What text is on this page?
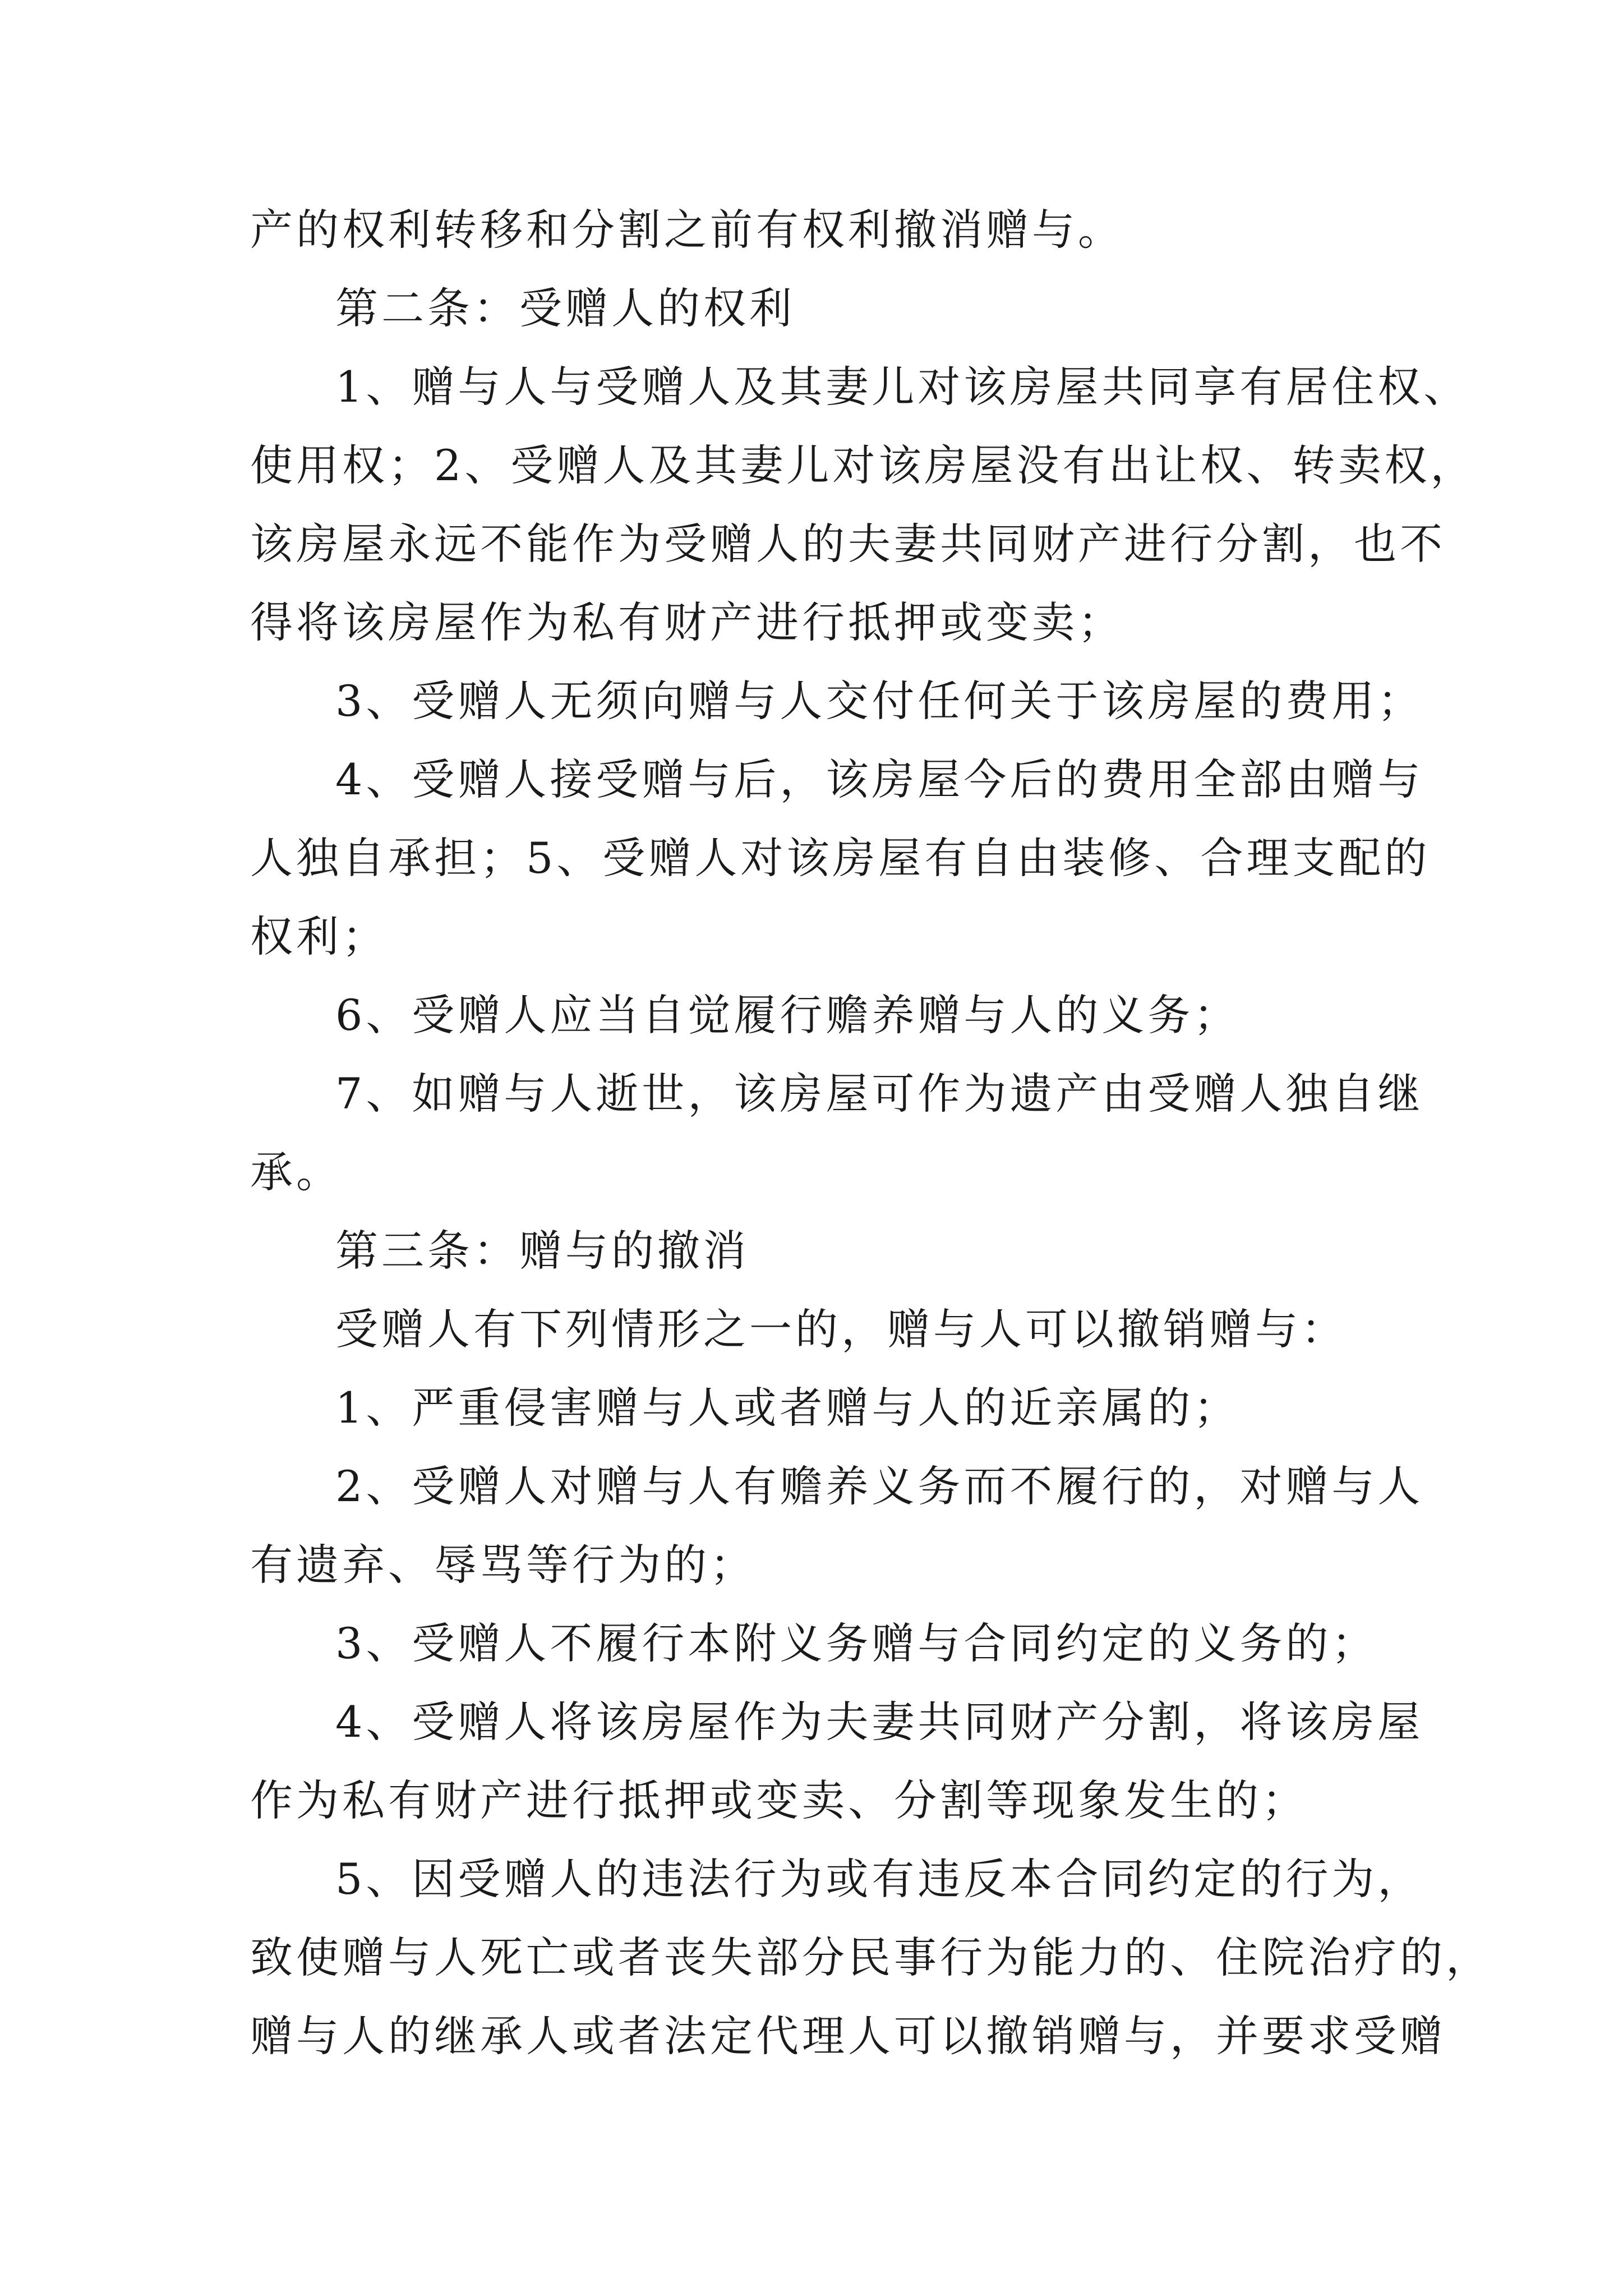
产的权利转移和分割之前有权利撤消赠与。
第二条：受赠人的权利
1、赠与人与受赠人及其妻儿对该房屋共同享有居住权、
使用权；2、受赠人及其妻儿对该房屋没有出让权、转卖权，
该房屋永远不能作为受赠人的夫妻共同财产进行分割，也不
得将该房屋作为私有财产进行抵押或变卖；
3、受赠人无须向赠与人交付任何关于该房屋的费用；
4、受赠人接受赠与后，该房屋今后的费用全部由赠与
人独自承担；5、受赠人对该房屋有自由装修、合理支配的
权利；
6、受赠人应当自觉履行赡养赠与人的义务；
7、如赠与人逝世，该房屋可作为遗产由受赠人独自继
承。
第三条：赠与的撤消
受赠人有下列情形之一的，赠与人可以撤销赠与：
1、严重侵害赠与人或者赠与人的近亲属的；
2、受赠人对赠与人有赡养义务而不履行的，对赠与人
有遗弃、辱骂等行为的；
3、受赠人不履行本附义务赠与合同约定的义务的；
4、受赠人将该房屋作为夫妻共同财产分割，将该房屋
作为私有财产进行抵押或变卖、分割等现象发生的；
5、因受赠人的违法行为或有违反本合同约定的行为，
致使赠与人死亡或者丧失部分民事行为能力的、住院治疗的，
赠与人的继承人或者法定代理人可以撤销赠与，并要求受赠
